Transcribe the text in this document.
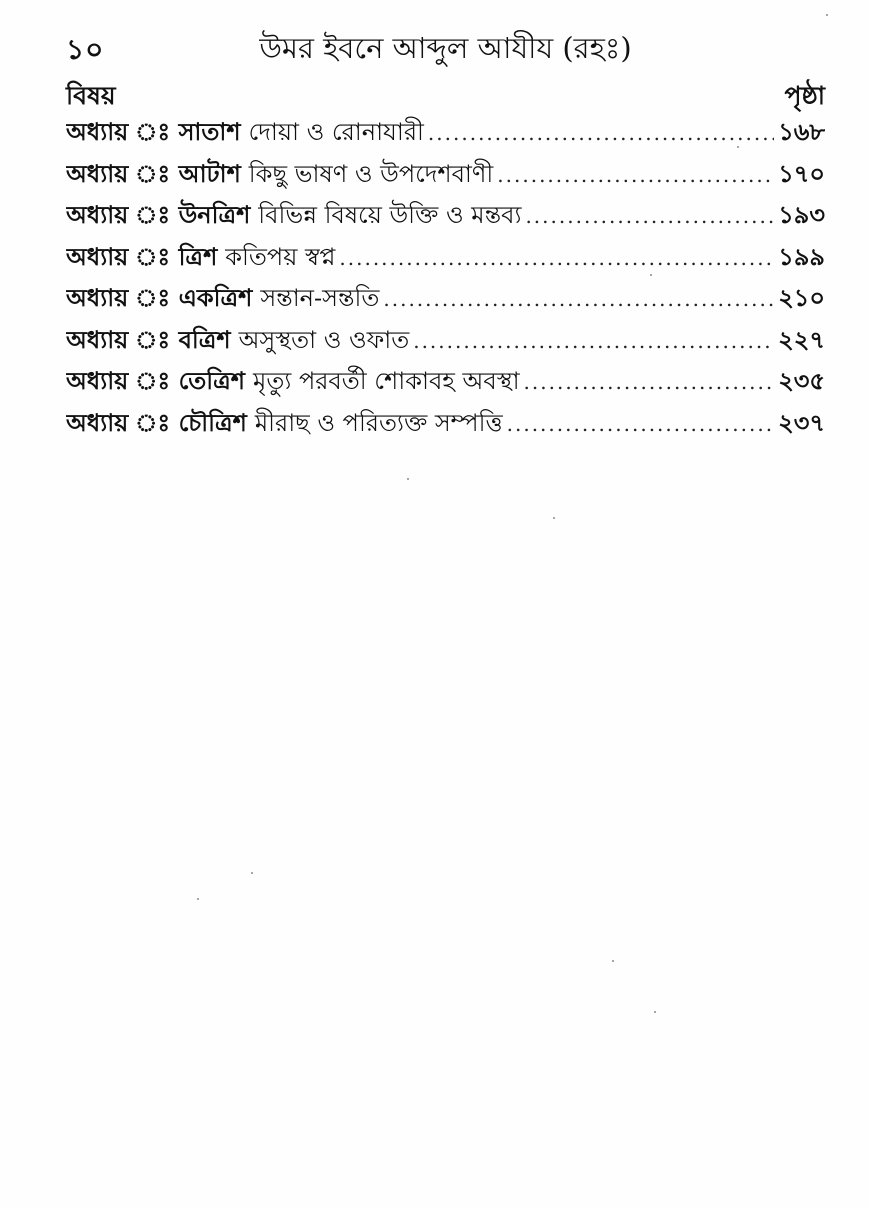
১০	উমর ইবনে আব্দুল আযীয (রহঃ)
বিষয়	পৃষ্ঠা
অধ্যায় ঃ সাতাশ দোয়া ও রোনাযারী .....	১৬৮
অধ্যায় ঃ আটাশ কিছু ভাষণ ও উপদেশবাণী .....	১৭০
অধ্যায় ঃ উনত্রিশ বিভিন্ন বিষয়ে উক্তি ও মন্তব্য .....	১৯৩
অধ্যায় ঃ ত্রিশ কতিপয় স্বপ্ন .....	১৯৯
অধ্যায় ঃ একত্রিশ সন্তান-সন্ততি .....	২১০
অধ্যায় ঃ বত্রিশ অসুস্থতা ও ওফাত .....	২২৭
অধ্যায় ঃ তেত্রিশ মৃত্যু পরবর্তী শোকাবহ অবস্থা .....	২৩৫
অধ্যায় ঃ চৌত্রিশ মীরাছ ও পরিত্যক্ত সম্পত্তি .....	২৩৭
